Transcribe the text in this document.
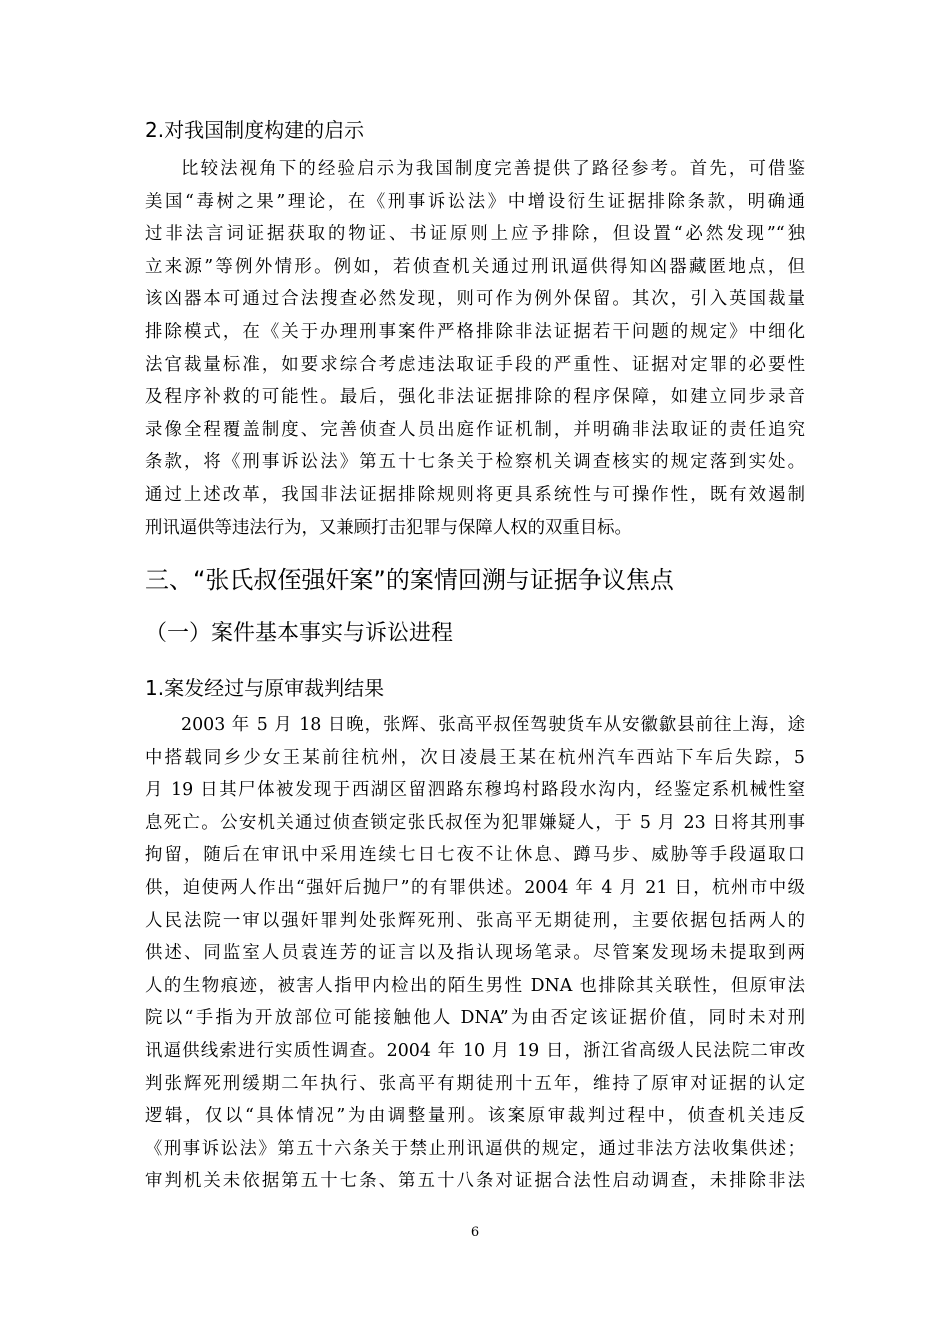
2.对我国制度构建的启示
比较法视角下的经验启示为我国制度完善提供了路径参考。首先，可借鉴
美国“毒树之果”理论，在《刑事诉讼法》中增设衍生证据排除条款，明确通
过非法言词证据获取的物证、书证原则上应予排除，但设置“必然发现”“独
立来源”等例外情形。例如，若侦查机关通过刑讯逼供得知凶器藏匿地点，但
该凶器本可通过合法搜查必然发现，则可作为例外保留。其次，引入英国裁量
排除模式，在《关于办理刑事案件严格排除非法证据若干问题的规定》中细化
法官裁量标准，如要求综合考虑违法取证手段的严重性、证据对定罪的必要性
及程序补救的可能性。最后，强化非法证据排除的程序保障，如建立同步录音
录像全程覆盖制度、完善侦查人员出庭作证机制，并明确非法取证的责任追究
条款，将《刑事诉讼法》第五十七条关于检察机关调查核实的规定落到实处。
通过上述改革，我国非法证据排除规则将更具系统性与可操作性，既有效遏制
刑讯逼供等违法行为，又兼顾打击犯罪与保障人权的双重目标。
三、“张氏叔侄强奸案”的案情回溯与证据争议焦点
（一）案件基本事实与诉讼进程
1.案发经过与原审裁判结果
2003 年 5 月 18 日晚，张辉、张高平叔侄驾驶货车从安徽歙县前往上海，途
中搭载同乡少女王某前往杭州，次日凌晨王某在杭州汽车西站下车后失踪，5
月 19 日其尸体被发现于西湖区留泗路东穆坞村路段水沟内，经鉴定系机械性窒
息死亡。公安机关通过侦查锁定张氏叔侄为犯罪嫌疑人，于 5 月 23 日将其刑事
拘留，随后在审讯中采用连续七日七夜不让休息、蹲马步、威胁等手段逼取口
供，迫使两人作出“强奸后抛尸”的有罪供述。2004 年 4 月 21 日，杭州市中级
人民法院一审以强奸罪判处张辉死刑、张高平无期徒刑，主要依据包括两人的
供述、同监室人员袁连芳的证言以及指认现场笔录。尽管案发现场未提取到两
人的生物痕迹，被害人指甲内检出的陌生男性 DNA 也排除其关联性，但原审法
院以“手指为开放部位可能接触他人 DNA”为由否定该证据价值，同时未对刑
讯逼供线索进行实质性调查。2004 年 10 月 19 日，浙江省高级人民法院二审改
判张辉死刑缓期二年执行、张高平有期徒刑十五年，维持了原审对证据的认定
逻辑，仅以“具体情况”为由调整量刑。该案原审裁判过程中，侦查机关违反
《刑事诉讼法》第五十六条关于禁止刑讯逼供的规定，通过非法方法收集供述；
审判机关未依据第五十七条、第五十八条对证据合法性启动调查，未排除非法
6
